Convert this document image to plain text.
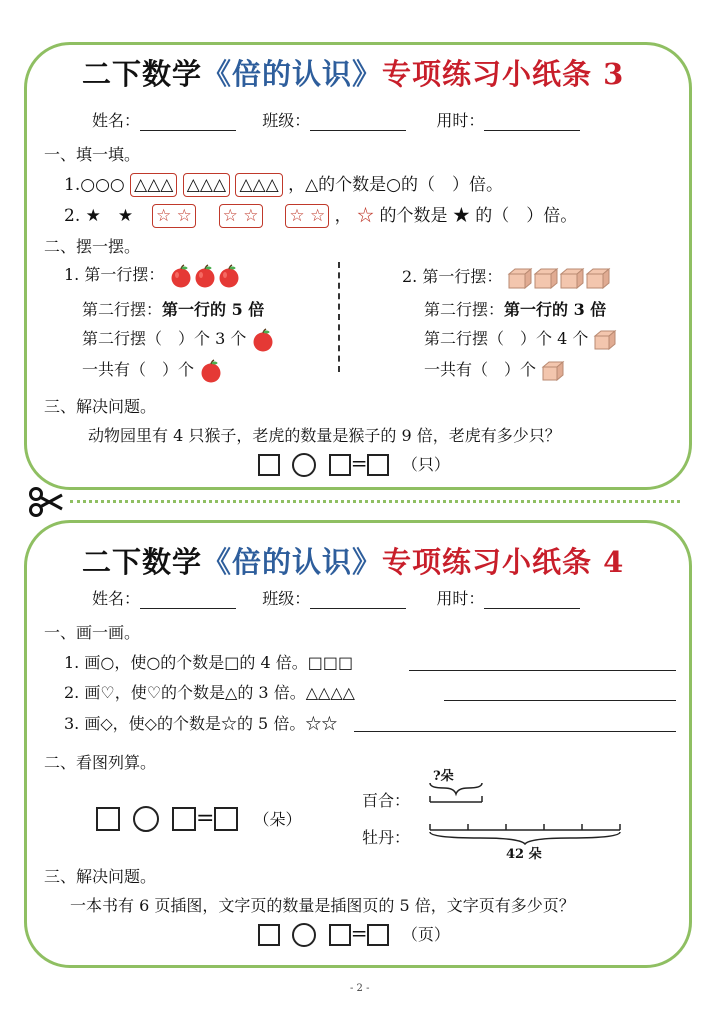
二下数学《倍的认识》专项练习小纸条 3
姓名：	班级：	用时：
一、填一填。
1.○○○ △△△ △△△ △△△ ，△的个数是○的（　）倍。
2. ★　★ ☆ ☆ ☆ ☆ ☆ ☆ ， ☆ 的个数是 ★ 的（　）倍。
二、摆一摆。
1. 第一行摆：
第二行摆：第一行的 5 倍
第二行摆（　）个 3 个
一共有（　）个
2. 第一行摆：
第二行摆：第一行的 3 倍
第二行摆（　）个 4 个
一共有（　）个
三、解决问题。
动物园里有 4 只猴子，老虎的数量是猴子的 9 倍，老虎有多少只？
= （只）
二下数学《倍的认识》专项练习小纸条 4
姓名：	班级：	用时：
一、画一画。
1. 画○，使○的个数是□的 4 倍。□□□
2. 画♡，使♡的个数是△的 3 倍。△△△△
3. 画◇，使◇的个数是☆的 5 倍。☆☆
二、看图列算。
= （朵）
百合：
牡丹：
?朵
42 朵
三、解决问题。
一本书有 6 页插图，文字页的数量是插图页的 5 倍，文字页有多少页？
= （页）
- 2 -
